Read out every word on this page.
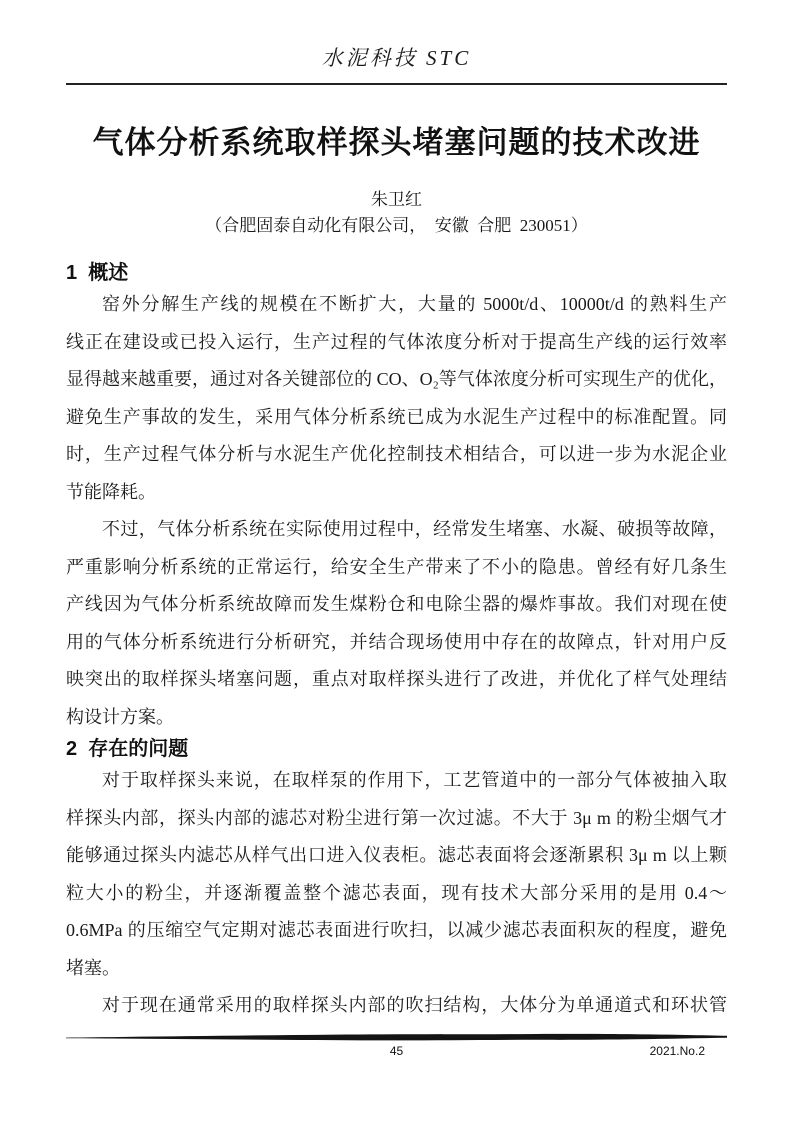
水泥科技 STC
气体分析系统取样探头堵塞问题的技术改进
朱卫红
（合肥固泰自动化有限公司，  安徽  合肥  230051）
1  概述
窑外分解生产线的规模在不断扩大，大量的 5000t/d、10000t/d 的熟料生产
线正在建设或已投入运行，生产过程的气体浓度分析对于提高生产线的运行效率
显得越来越重要，通过对各关键部位的 CO、O₂等气体浓度分析可实现生产的优化，
避免生产事故的发生，采用气体分析系统已成为水泥生产过程中的标准配置。同
时，生产过程气体分析与水泥生产优化控制技术相结合，可以进一步为水泥企业
节能降耗。
不过，气体分析系统在实际使用过程中，经常发生堵塞、水凝、破损等故障，
严重影响分析系统的正常运行，给安全生产带来了不小的隐患。曾经有好几条生
产线因为气体分析系统故障而发生煤粉仓和电除尘器的爆炸事故。我们对现在使
用的气体分析系统进行分析研究，并结合现场使用中存在的故障点，针对用户反
映突出的取样探头堵塞问题，重点对取样探头进行了改进，并优化了样气处理结
构设计方案。
2  存在的问题
对于取样探头来说，在取样泵的作用下，工艺管道中的一部分气体被抽入取
样探头内部，探头内部的滤芯对粉尘进行第一次过滤。不大于 3μ m 的粉尘烟气才
能够通过探头内滤芯从样气出口进入仪表柜。滤芯表面将会逐渐累积 3μ m 以上颗
粒大小的粉尘，并逐渐覆盖整个滤芯表面，现有技术大部分采用的是用 0.4～
0.6MPa 的压缩空气定期对滤芯表面进行吹扫，以减少滤芯表面积灰的程度，避免
堵塞。
对于现在通常采用的取样探头内部的吹扫结构，大体分为单通道式和环状管
45	2021.No.2
